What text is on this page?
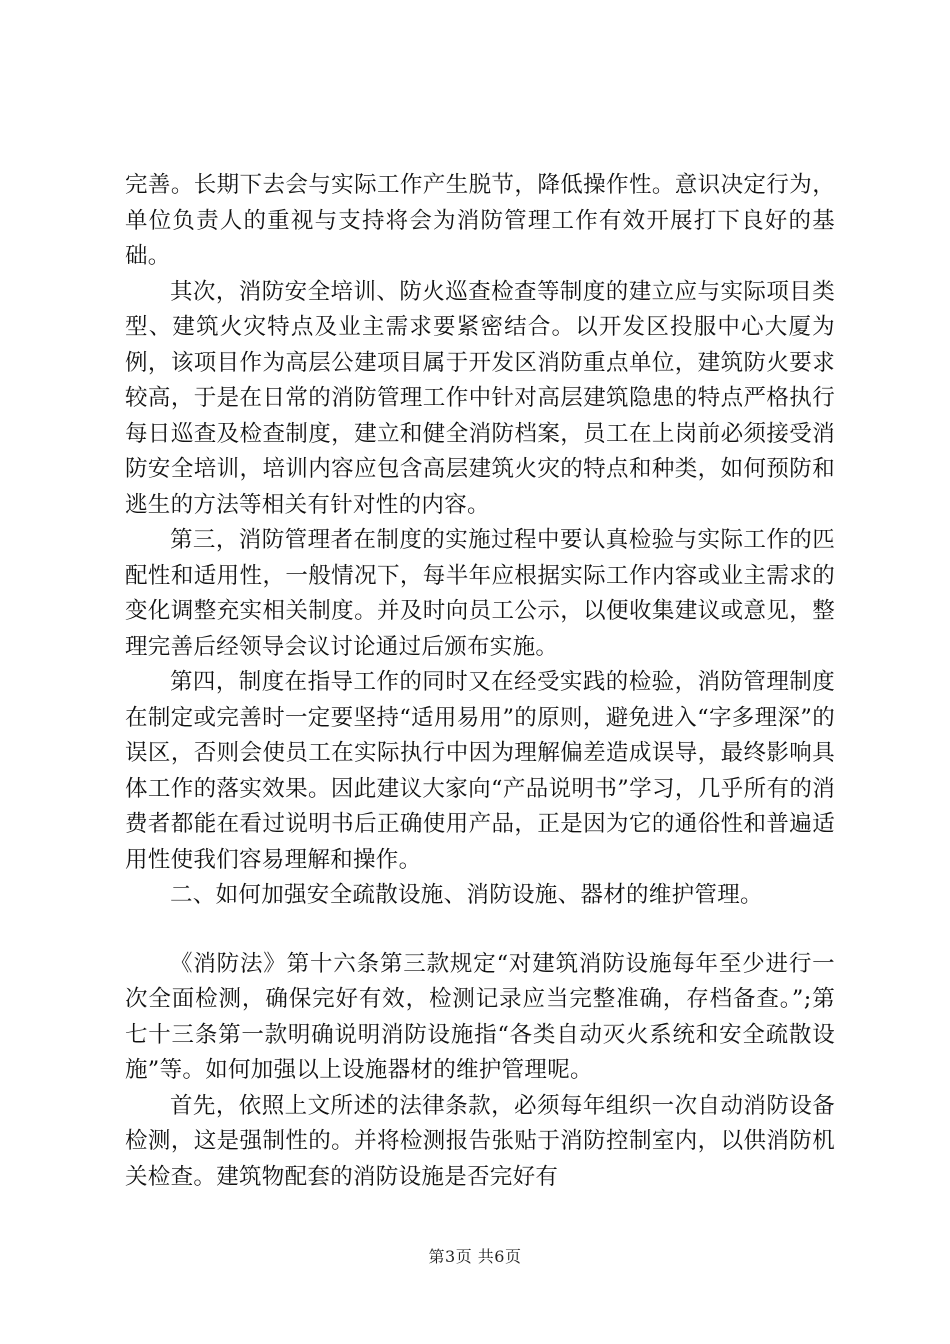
完善。长期下去会与实际工作产生脱节，降低操作性。意识决定行为，单位负责人的重视与支持将会为消防管理工作有效开展打下良好的基础。

其次，消防安全培训、防火巡查检查等制度的建立应与实际项目类型、建筑火灾特点及业主需求要紧密结合。以开发区投服中心大厦为例，该项目作为高层公建项目属于开发区消防重点单位，建筑防火要求较高，于是在日常的消防管理工作中针对高层建筑隐患的特点严格执行每日巡查及检查制度，建立和健全消防档案，员工在上岗前必须接受消防安全培训，培训内容应包含高层建筑火灾的特点和种类，如何预防和逃生的方法等相关有针对性的内容。

第三，消防管理者在制度的实施过程中要认真检验与实际工作的匹配性和适用性，一般情况下，每半年应根据实际工作内容或业主需求的变化调整充实相关制度。并及时向员工公示，以便收集建议或意见，整理完善后经领导会议讨论通过后颁布实施。

第四，制度在指导工作的同时又在经受实践的检验，消防管理制度在制定或完善时一定要坚持“适用易用”的原则，避免进入“字多理深”的误区，否则会使员工在实际执行中因为理解偏差造成误导，最终影响具体工作的落实效果。因此建议大家向“产品说明书”学习，几乎所有的消费者都能在看过说明书后正确使用产品，正是因为它的通俗性和普遍适用性使我们容易理解和操作。

二、如何加强安全疏散设施、消防设施、器材的维护管理。

《消防法》第十六条第三款规定“对建筑消防设施每年至少进行一次全面检测，确保完好有效，检测记录应当完整准确，存档备查。”;第七十三条第一款明确说明消防设施指“各类自动灭火系统和安全疏散设施”等。如何加强以上设施器材的维护管理呢。

首先，依照上文所述的法律条款，必须每年组织一次自动消防设备检测，这是强制性的。并将检测报告张贴于消防控制室内，以供消防机关检查。建筑物配套的消防设施是否完好有

第3页 共6页
